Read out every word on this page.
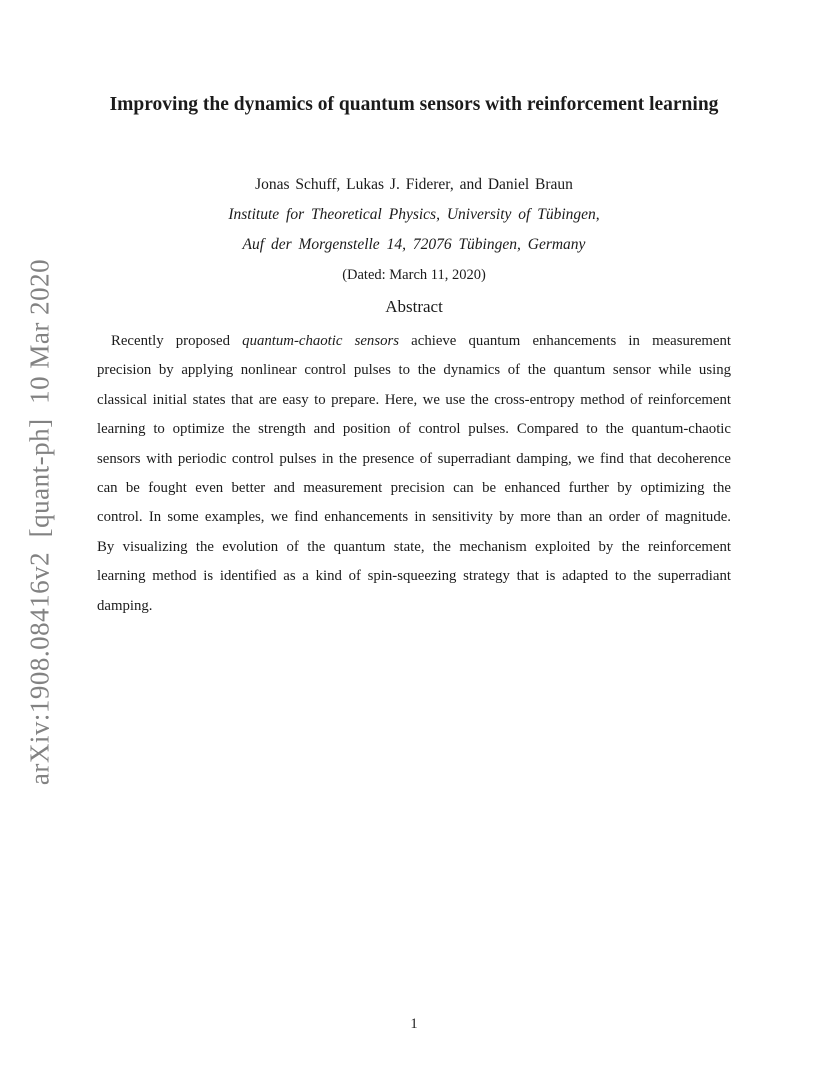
arXiv:1908.08416v2  [quant-ph]  10 Mar 2020
Improving the dynamics of quantum sensors with reinforcement learning
Jonas Schuff, Lukas J. Fiderer, and Daniel Braun
Institute for Theoretical Physics, University of Tübingen,
Auf der Morgenstelle 14, 72076 Tübingen, Germany
(Dated: March 11, 2020)
Abstract

Recently proposed quantum-chaotic sensors achieve quantum enhancements in measurement precision by applying nonlinear control pulses to the dynamics of the quantum sensor while using classical initial states that are easy to prepare. Here, we use the cross-entropy method of reinforcement learning to optimize the strength and position of control pulses. Compared to the quantum-chaotic sensors with periodic control pulses in the presence of superradiant damping, we find that decoherence can be fought even better and measurement precision can be enhanced further by optimizing the control. In some examples, we find enhancements in sensitivity by more than an order of magnitude. By visualizing the evolution of the quantum state, the mechanism exploited by the reinforcement learning method is identified as a kind of spin-squeezing strategy that is adapted to the superradiant damping.

1
